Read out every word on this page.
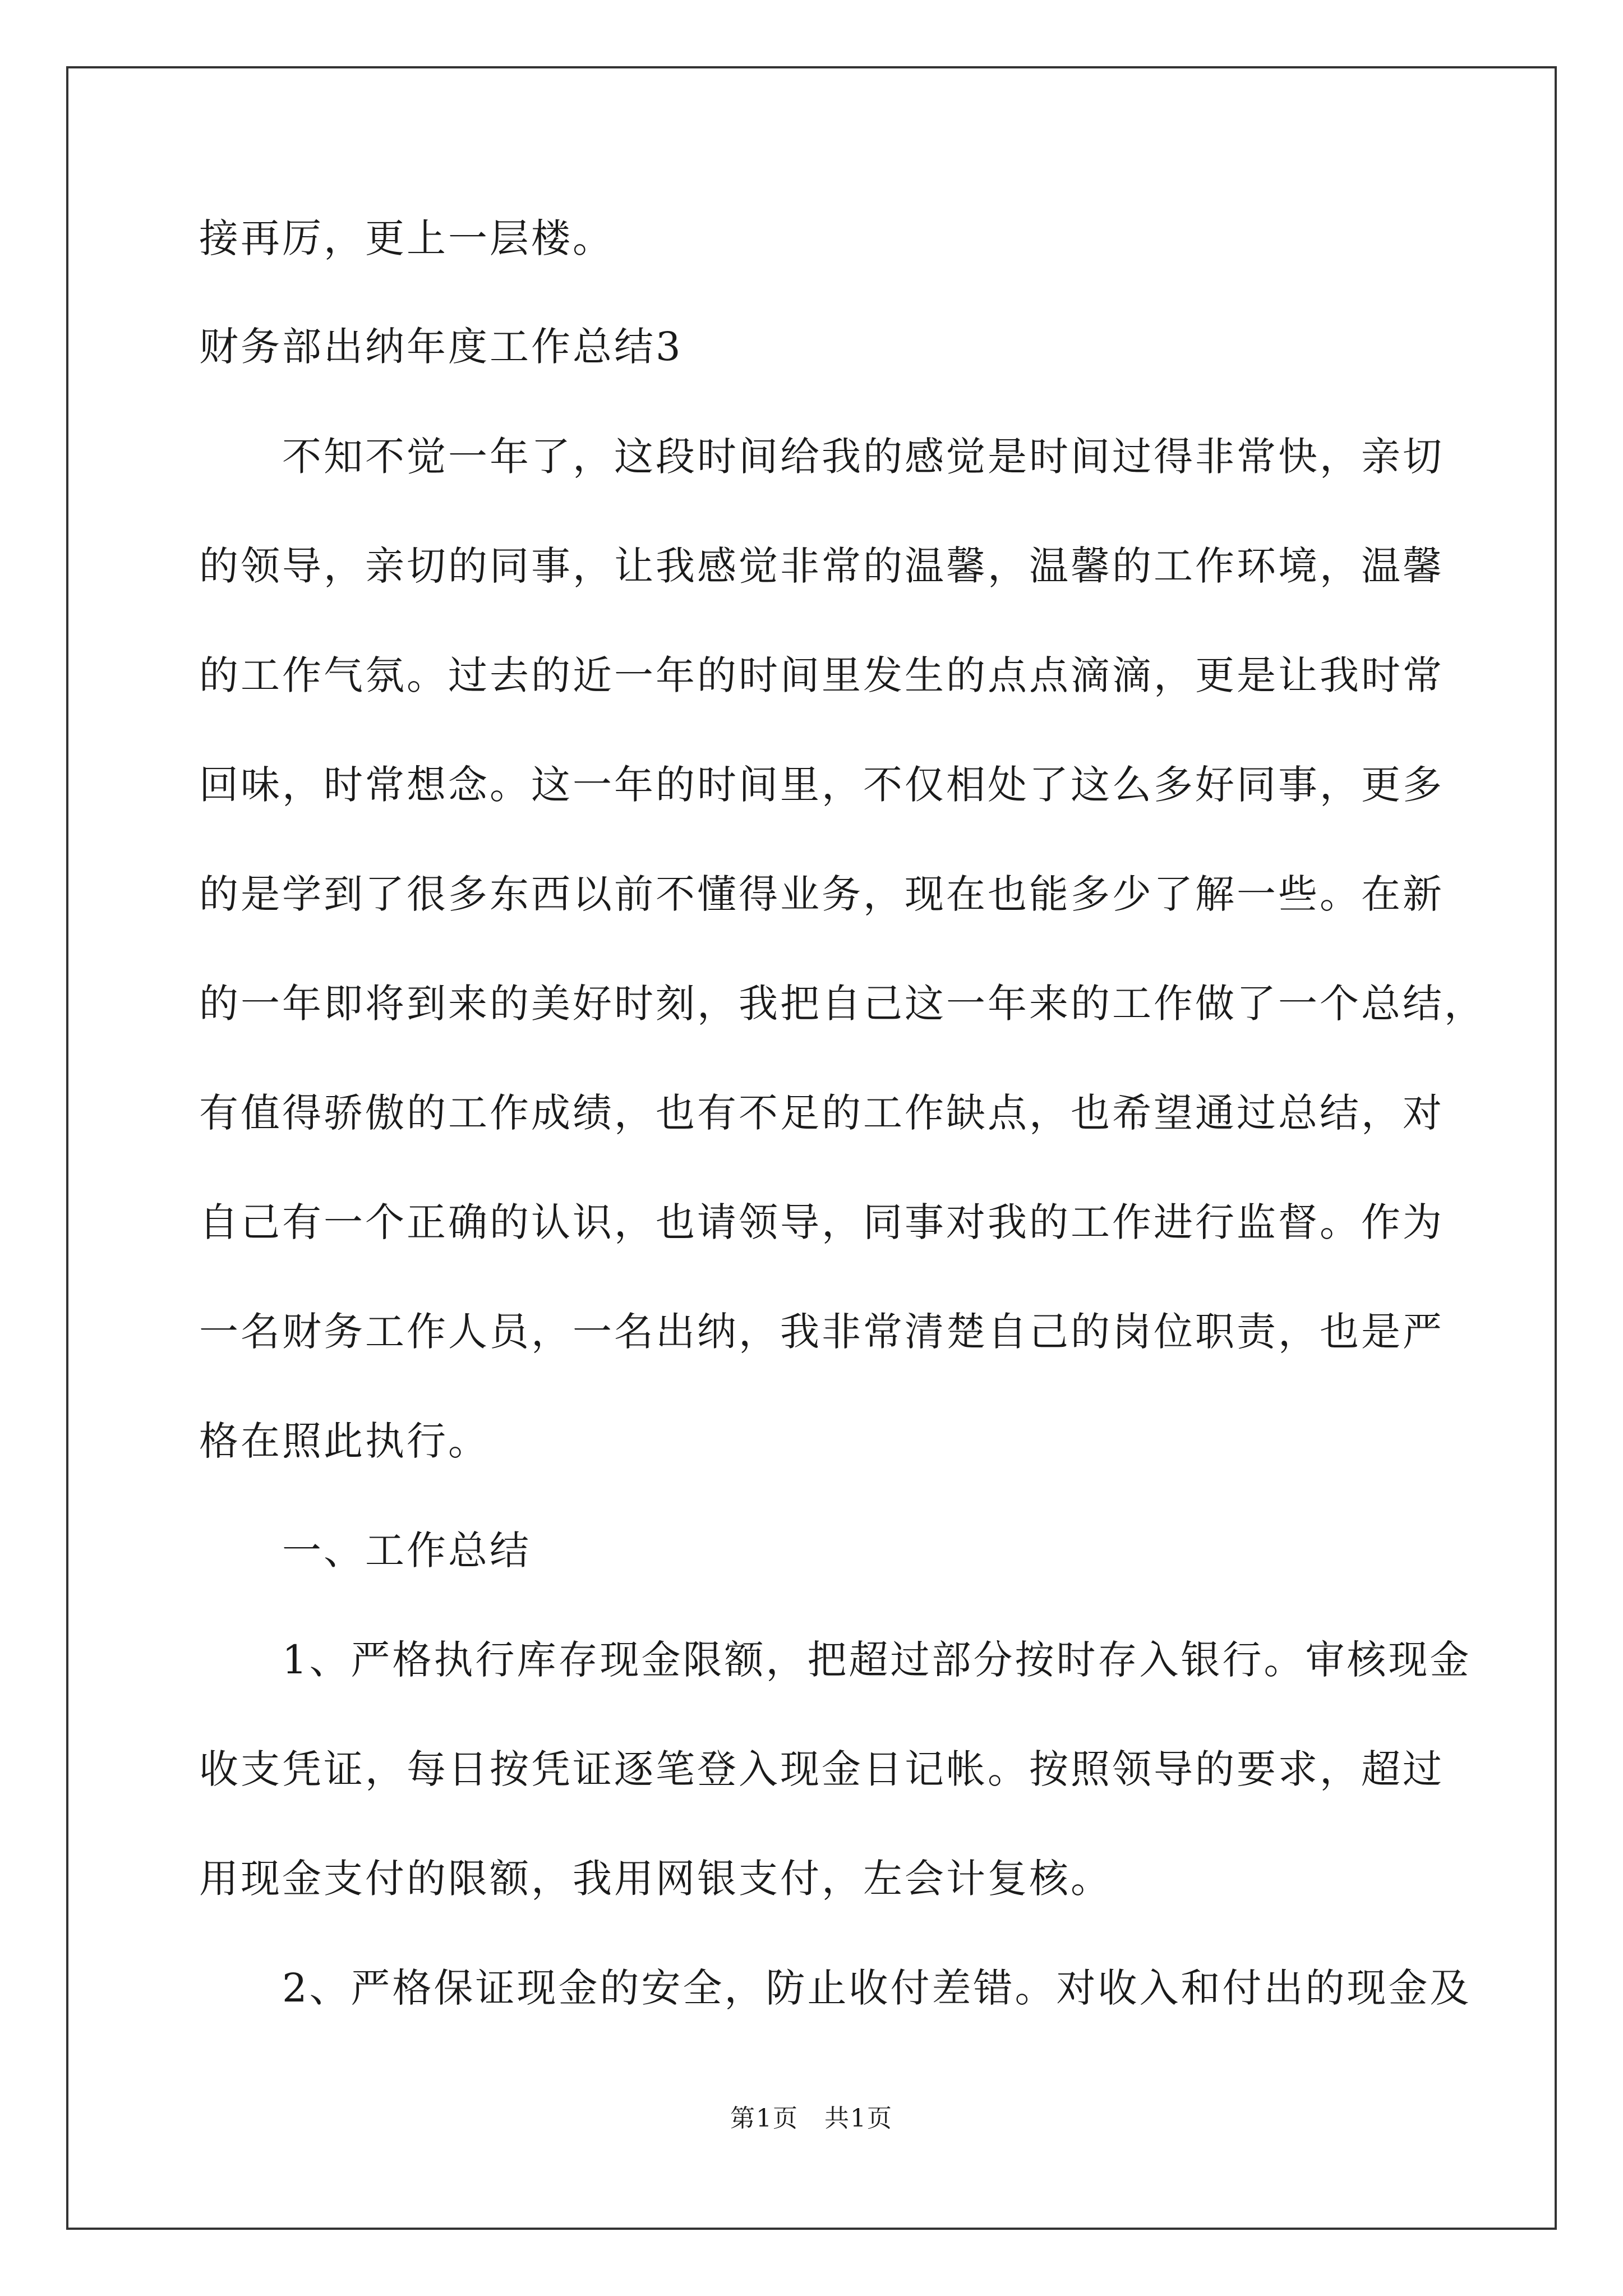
接再厉，更上一层楼。
财务部出纳年度工作总结3
　　不知不觉一年了，这段时间给我的感觉是时间过得非常快，亲切
的领导，亲切的同事，让我感觉非常的温馨，温馨的工作环境，温馨
的工作气氛。过去的近一年的时间里发生的点点滴滴，更是让我时常
回味，时常想念。这一年的时间里，不仅相处了这么多好同事，更多
的是学到了很多东西以前不懂得业务，现在也能多少了解一些。在新
的一年即将到来的美好时刻，我把自己这一年来的工作做了一个总结，
有值得骄傲的工作成绩，也有不足的工作缺点，也希望通过总结，对
自己有一个正确的认识，也请领导，同事对我的工作进行监督。作为
一名财务工作人员，一名出纳，我非常清楚自己的岗位职责，也是严
格在照此执行。
　　一、工作总结
　　1、严格执行库存现金限额，把超过部分按时存入银行。审核现金
收支凭证，每日按凭证逐笔登入现金日记帐。按照领导的要求，超过
用现金支付的限额，我用网银支付，左会计复核。
　　2、严格保证现金的安全，防止收付差错。对收入和付出的现金及
第1页　共1页
